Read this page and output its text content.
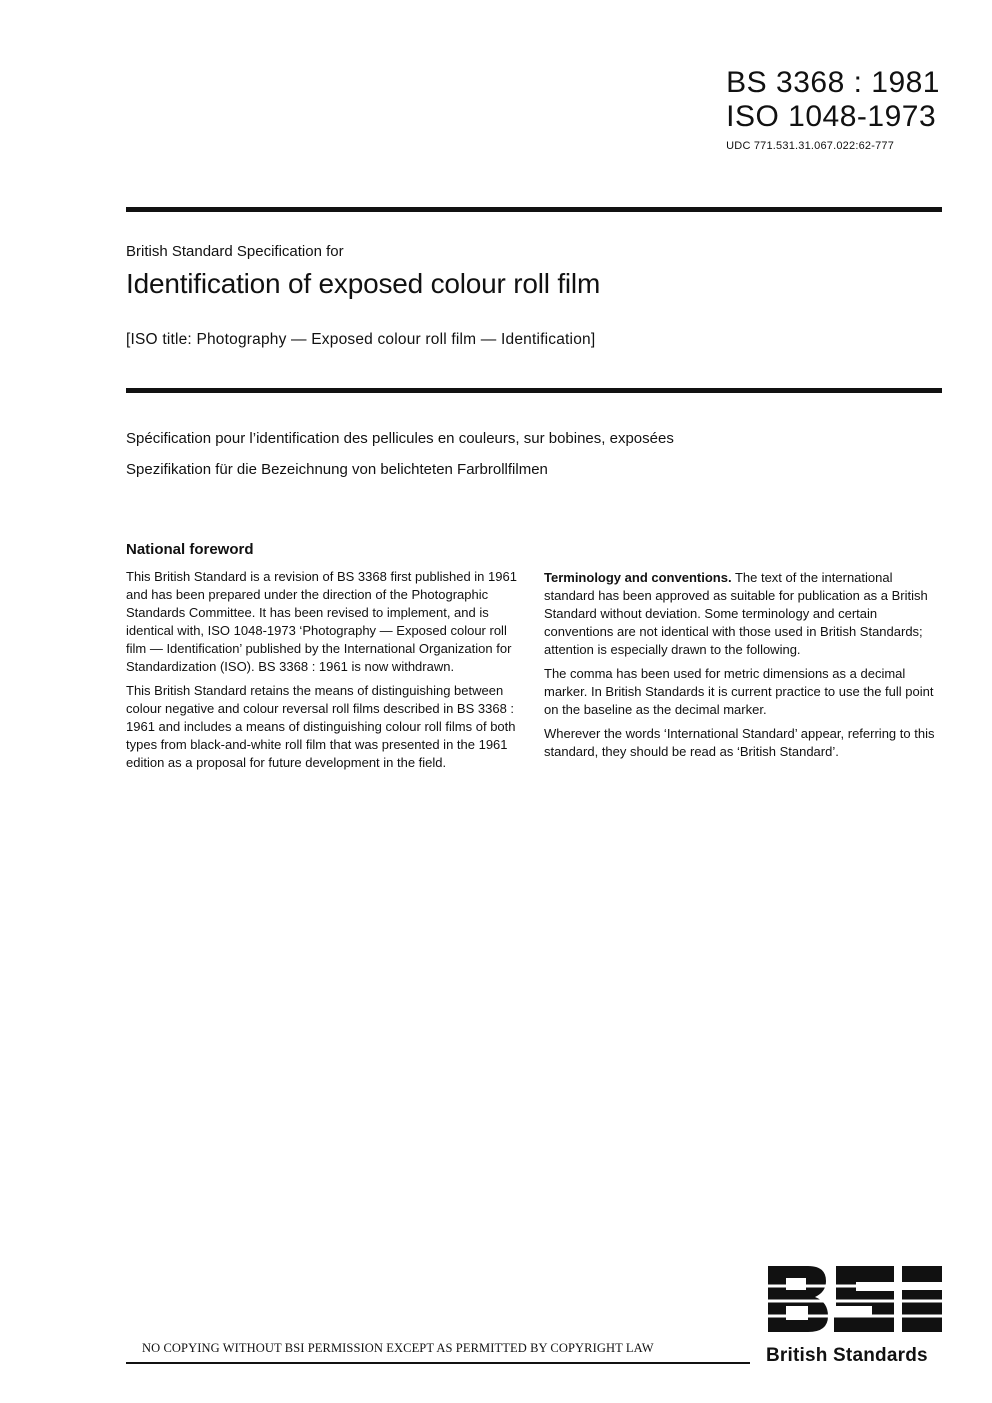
BS 3368 : 1981
ISO 1048-1973
UDC 771.531.31.067.022:62-777
British Standard Specification for
Identification of exposed colour roll film
[ISO title: Photography — Exposed colour roll film — Identification]
Spécification pour l’identification des pellicules en couleurs, sur bobines, exposées
Spezifikation für die Bezeichnung von belichteten Farbrollfilmen
National foreword

This British Standard is a revision of BS 3368 first published in 1961 and has been prepared under the direction of the Photographic Standards Committee. It has been revised to implement, and is identical with, ISO 1048-1973 ‘Photography — Exposed colour roll film — Identification’ published by the International Organization for Standardization (ISO). BS 3368 : 1961 is now withdrawn.

This British Standard retains the means of distinguishing between colour negative and colour reversal roll films described in BS 3368 : 1961 and includes a means of distinguishing colour roll films of both types from black-and-white roll film that was presented in the 1961 edition as a proposal for future development in the field.

Terminology and conventions. The text of the international standard has been approved as suitable for publication as a British Standard without deviation. Some terminology and certain conventions are not identical with those used in British Standards; attention is especially drawn to the following.

The comma has been used for metric dimensions as a decimal marker. In British Standards it is current practice to use the full point on the baseline as the decimal marker.

Wherever the words ‘International Standard’ appear, referring to this standard, they should be read as ‘British Standard’.

NO COPYING WITHOUT BSI PERMISSION EXCEPT AS PERMITTED BY COPYRIGHT LAW	British Standards
